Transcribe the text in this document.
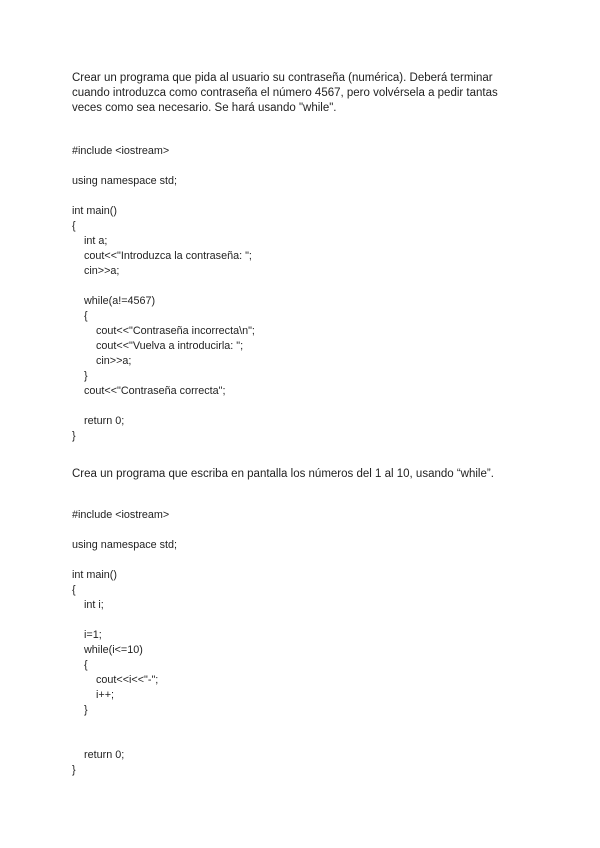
Crear un programa que pida al usuario su contraseña (numérica). Deberá terminar
cuando introduzca como contraseña el número 4567, pero volvérsela a pedir tantas
veces como sea necesario. Se hará usando "while".
#include <iostream>
using namespace std;
int main()
{
int a;
cout<<"Introduzca la contraseña: ";
cin>>a;
while(a!=4567)
{
cout<<"Contraseña incorrecta\n";
cout<<"Vuelva a introducirla: ";
cin>>a;
}
cout<<"Contraseña correcta";
return 0;
}
Crea un programa que escriba en pantalla los números del 1 al 10, usando “while”.
#include <iostream>
using namespace std;
int main()
{
int i;
i=1;
while(i<=10)
{
cout<<i<<"-";
i++;
}
return 0;
}
